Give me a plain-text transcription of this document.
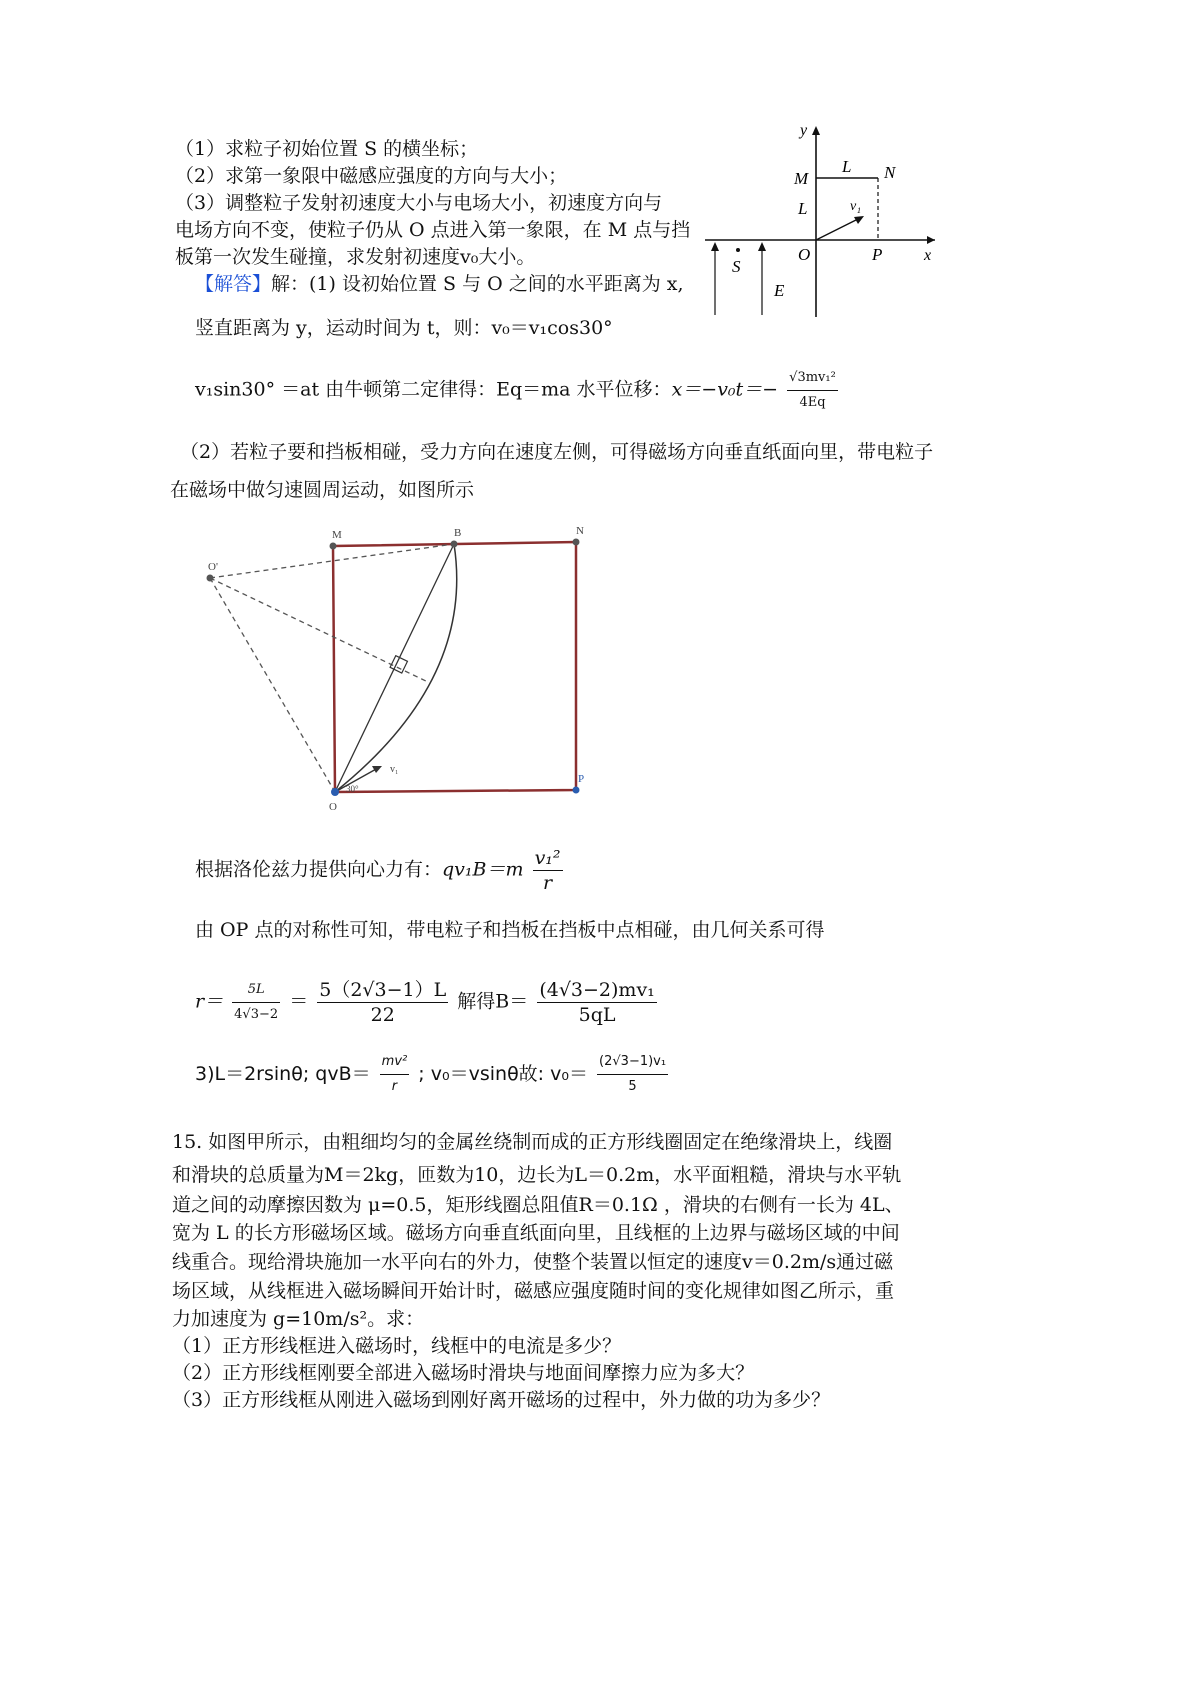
（1）求粒子初始位置 S 的横坐标；
（2）求第一象限中磁感应强度的方向与大小；
（3）调整粒子发射初速度大小与电场大小，初速度方向与
电场方向不变，使粒子仍从 O 点进入第一象限，在 M 点与挡
板第一次发生碰撞，求发射初速度v₀大小。
【解答】解：(1) 设初始位置 S 与 O 之间的水平距离为 x,
竖直距离为 y，运动时间为 t，则：v₀＝v₁cos30°
v₁sin30° ＝at 由牛顿第二定律得：Eq＝ma 水平位移：$x=-v_0t=- \frac{\text{√3mv₁²}}{4Eq}$
（2）若粒子要和挡板相碰，受力方向在速度左侧，可得磁场方向垂直纸面向里，带电粒子
在磁场中做匀速圆周运动，如图所示
y
M
L N
L	v₁
O	P	x
S
E
M	B	N
O'
v₁
P
O
30°
根据洛伦兹力提供向心力有：$qv_1B=m \frac{\text{v₁²}}{r}$
由 OP 点的对称性可知，带电粒子和挡板在挡板中点相碰，由几何关系可得
$r= \frac{5L}{4√3-2} = \frac{5(2√3-1)L}{22}$ 解得$B= \frac{\text{(4√3−2)mv₁}}{5qL}$
3)L＝2rsinθ; $qvB= \frac{\text{mv²}}{r}$ ; v₀＝vsinθ故: $v_0= \frac{\text{(2√3−1)v₁}}{5}$
15. 如图甲所示，由粗细均匀的金属丝绕制而成的正方形线圈固定在绝缘滑块上，线圈
和滑块的总质量为M＝2kg，匝数为10，边长为L＝0.2m，水平面粗糙，滑块与水平轨
道之间的动摩擦因数为 μ=0.5，矩形线圈总阻值R＝0.1Ω ，滑块的右侧有一长为 4L、
宽为 L 的长方形磁场区域。磁场方向垂直纸面向里，且线框的上边界与磁场区域的中间
线重合。现给滑块施加一水平向右的外力，使整个装置以恒定的速度v＝0.2m/s通过磁
场区域，从线框进入磁场瞬间开始计时，磁感应强度随时间的变化规律如图乙所示，重
力加速度为 g=10m/s²。求：
（1）正方形线框进入磁场时，线框中的电流是多少？
（2）正方形线框刚要全部进入磁场时滑块与地面间摩擦力应为多大？
（3）正方形线框从刚进入磁场到刚好离开磁场的过程中，外力做的功为多少？
